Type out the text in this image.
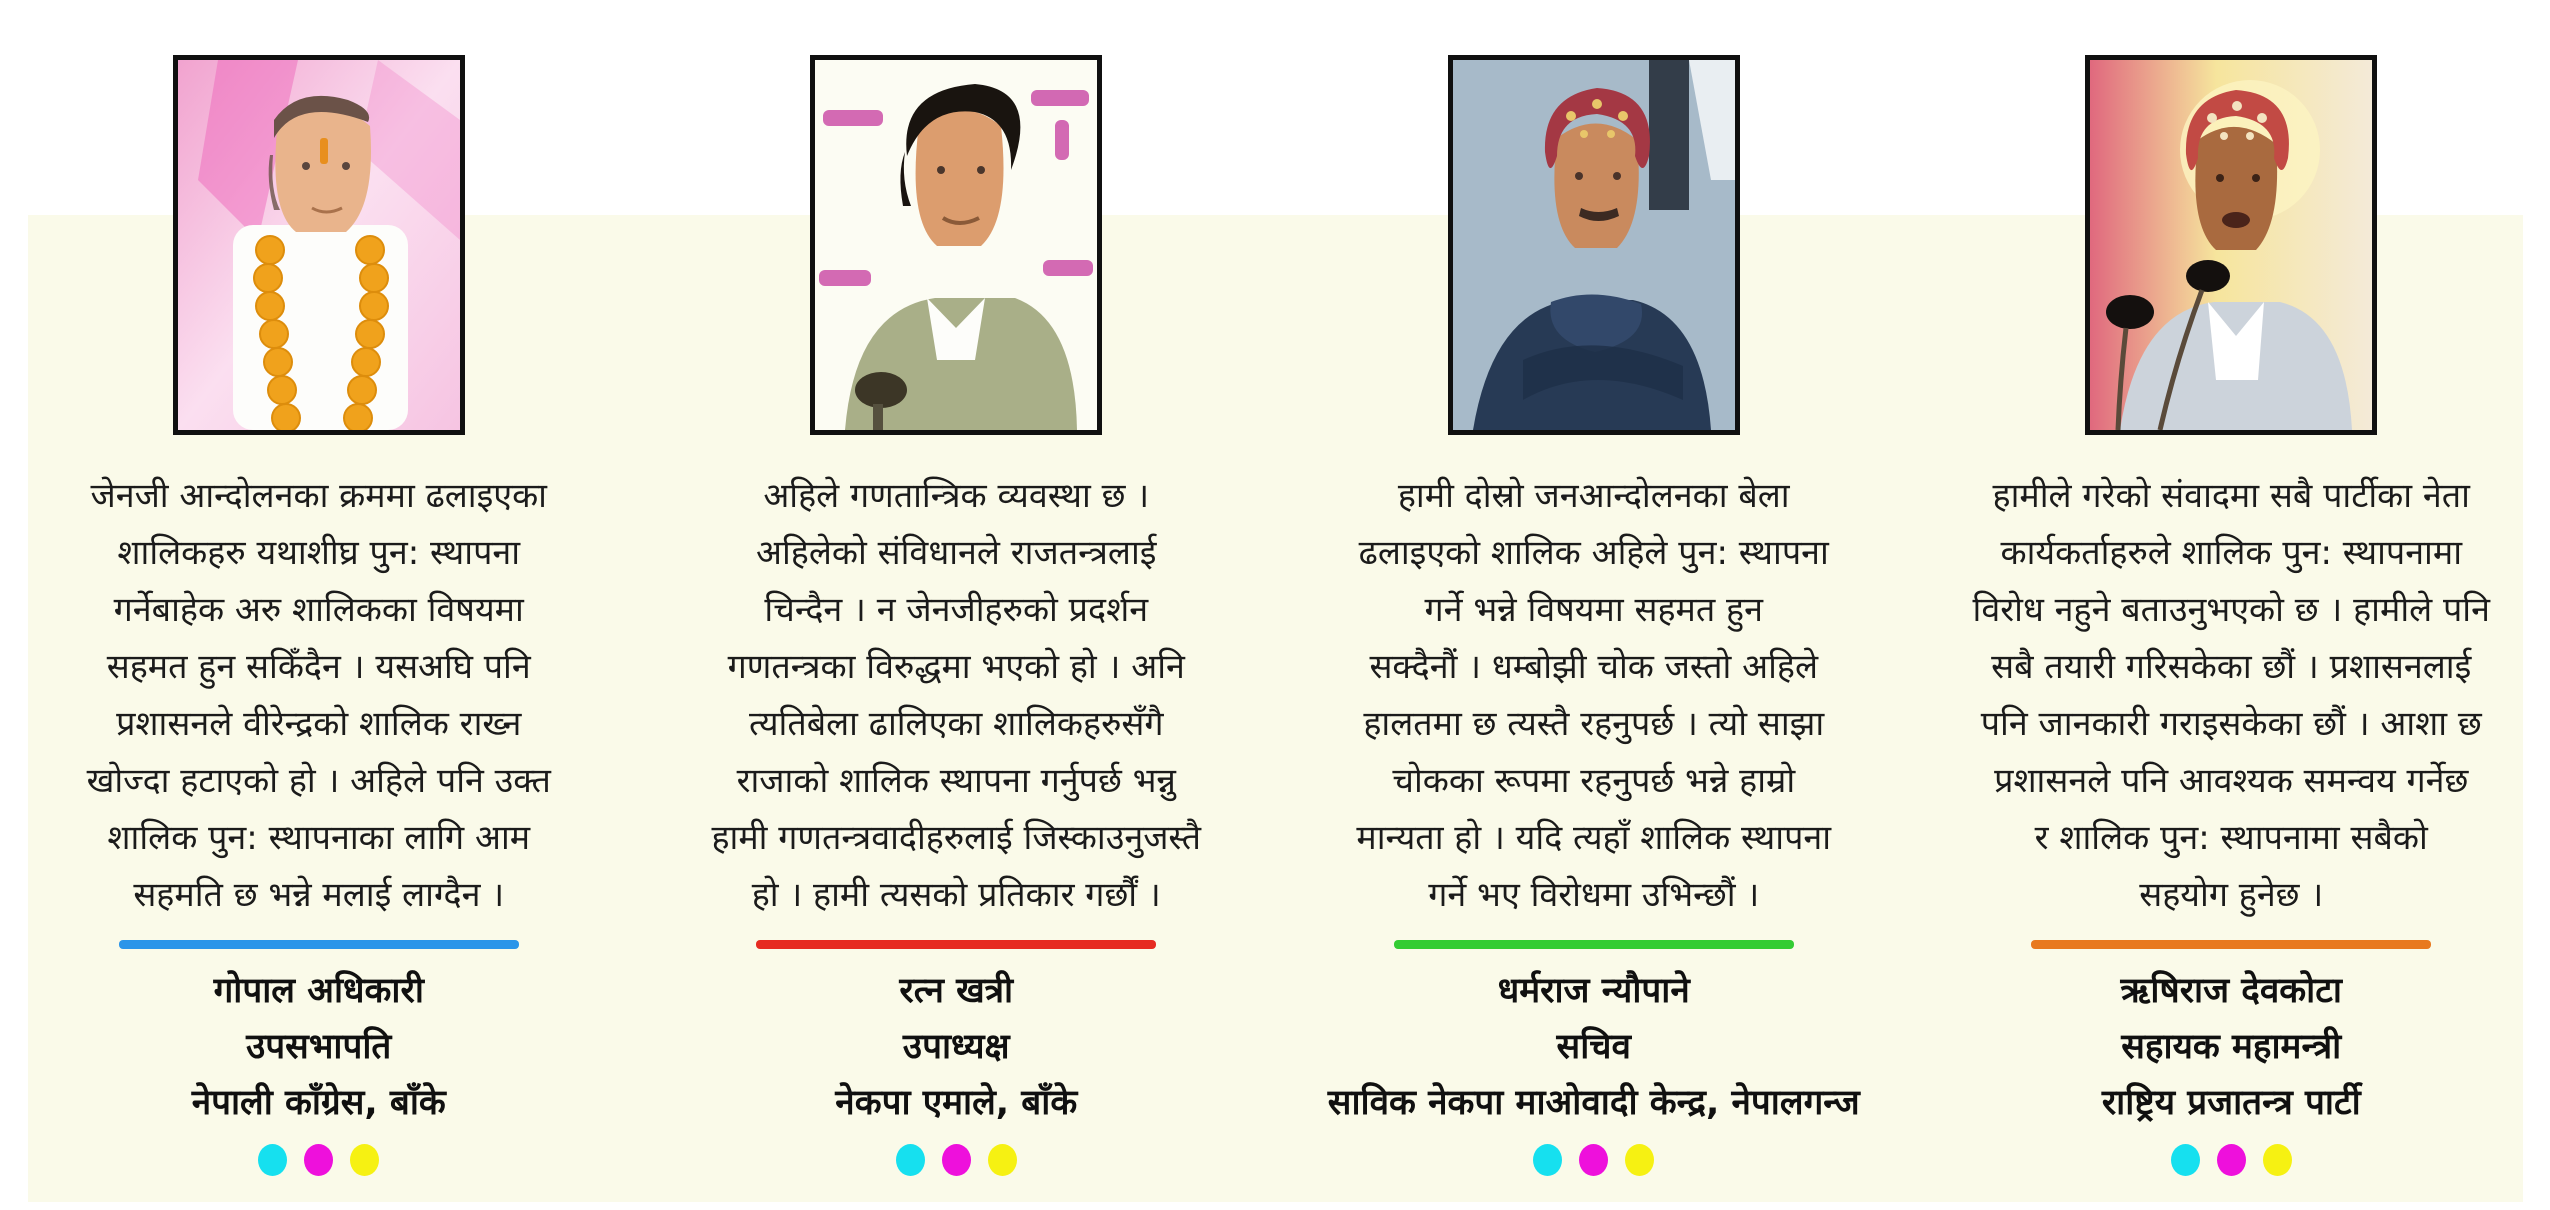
जेनजी आन्दोलनका क्रममा ढलाइएका
शालिकहरु यथाशीघ्र पुन: स्थापना
गर्नेबाहेक अरु शालिकका विषयमा
सहमत हुन सकिँदैन । यसअघि पनि
प्रशासनले वीरेन्द्रको शालिक राख्न
खोज्दा हटाएको हो । अहिले पनि उक्त
शालिक पुन: स्थापनाका लागि आम
सहमति छ भन्ने मलाई लाग्दैन ।
गोपाल अधिकारी
उपसभापति
नेपाली काँग्रेस, बाँके
अहिले गणतान्त्रिक व्यवस्था छ ।
अहिलेको संविधानले राजतन्त्रलाई
चिन्दैन । न जेनजीहरुको प्रदर्शन
गणतन्त्रका विरुद्धमा भएको हो । अनि
त्यतिबेला ढालिएका शालिकहरुसँगै
राजाको शालिक स्थापना गर्नुपर्छ भन्नु
हामी गणतन्त्रवादीहरुलाई जिस्काउनुजस्तै
हो । हामी त्यसको प्रतिकार गर्छौं ।
रत्न खत्री
उपाध्यक्ष
नेकपा एमाले, बाँके
हामी दोस्रो जनआन्दोलनका बेला
ढलाइएको शालिक अहिले पुन: स्थापना
गर्ने भन्ने विषयमा सहमत हुन
सक्दैनौं । धम्बोझी चोक जस्तो अहिले
हालतमा छ त्यस्तै रहनुपर्छ । त्यो साझा
चोकका रूपमा रहनुपर्छ भन्ने हाम्रो
मान्यता हो । यदि त्यहाँ शालिक स्थापना
गर्ने भए विरोधमा उभिन्छौं ।
धर्मराज न्यौपाने
सचिव
साविक नेकपा माओवादी केन्द्र, नेपालगन्ज
हामीले गरेको संवादमा सबै पार्टीका नेता
कार्यकर्ताहरुले शालिक पुन: स्थापनामा
विरोध नहुने बताउनुभएको छ । हामीले पनि
सबै तयारी गरिसकेका छौं । प्रशासनलाई
पनि जानकारी गराइसकेका छौं । आशा छ
प्रशासनले पनि आवश्यक समन्वय गर्नेछ
र शालिक पुन: स्थापनामा सबैको
सहयोग हुनेछ ।
ऋषिराज देवकोटा
सहायक महामन्त्री
राष्ट्रिय प्रजातन्त्र पार्टी
